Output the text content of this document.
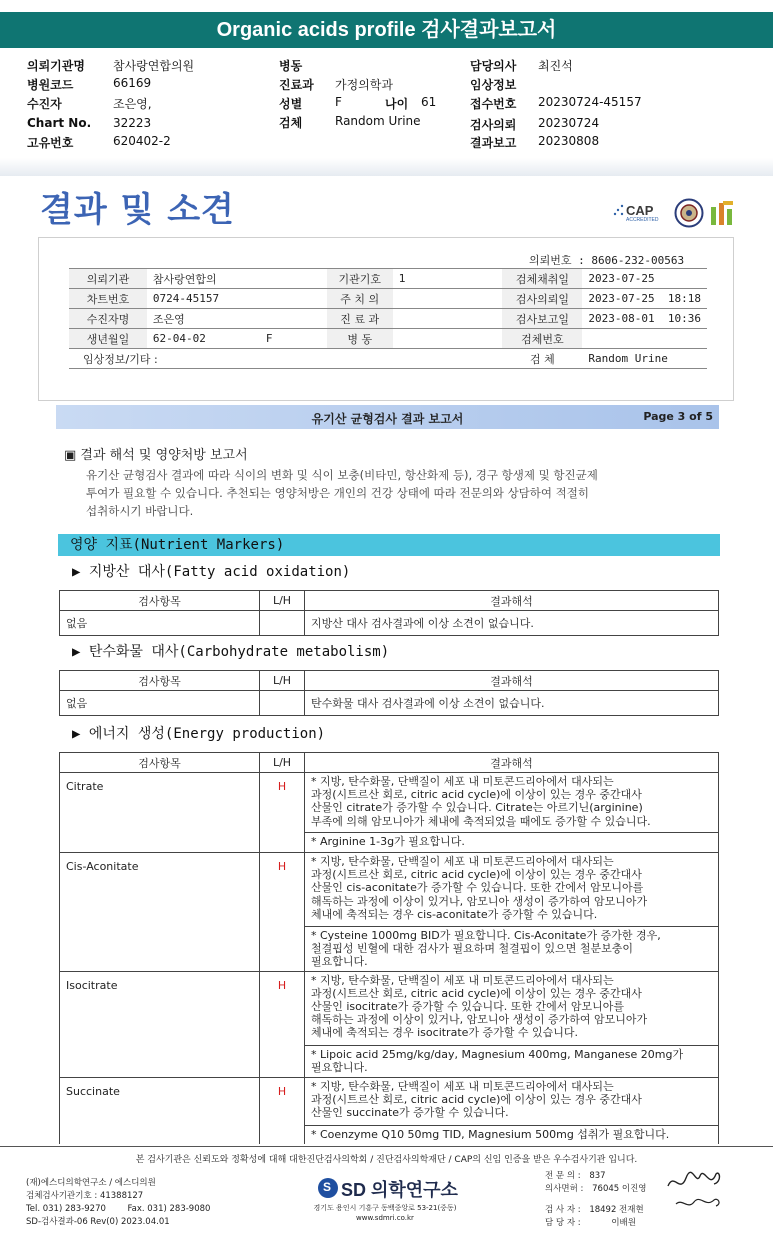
Organic acids profile 검사결과보고서
의뢰기관명 참사랑연합의원
병원코드	66169
수진자	조은영,
Chart No. 32223
고유번호	620402-2
병동
진료과 가정의학과
성별	F	나이 61
검체	Random Urine
담당의사 최진석
임상정보
접수번호 20230724-45157
검사의뢰 20230724
결과보고 20230808
결과 및 소견	CAP
ACCREDITED
의뢰번호 : 8606-232-00563
의뢰기관	참사랑연합의	기관기호	1	검체채취일	2023-07-25
차트번호	0724-45157	주 치 의		검사의뢰일	2023-07-25  18:18
수진자명	조은영	진 료 과		검사보고일	2023-08-01  10:36
생년월일	62-04-02 F	병 동		검체번호	
임상정보/기타 :				검 체	Random Urine
유기산 균형검사 결과 보고서	Page 3 of 5
▣ 결과 해석 및 영양처방 보고서
유기산 균형검사 결과에 따라 식이의 변화 및 식이 보충(비타민, 항산화제 등), 경구 항생제 및 항진균제
투여가 필요할 수 있습니다. 추천되는 영양처방은 개인의 건강 상태에 따라 전문의와 상담하여 적절히
섭취하시기 바랍니다.
영양 지표(Nutrient Markers)
▶ 지방산 대사(Fatty acid oxidation)
검사항목	L/H	결과해석
없음		지방산 대사 검사결과에 이상 소견이 없습니다.
▶ 탄수화물 대사(Carbohydrate metabolism)
검사항목	L/H	결과해석
없음		탄수화물 대사 검사결과에 이상 소견이 없습니다.
▶ 에너지 생성(Energy production)
검사항목	L/H	결과해석
Citrate	H	* 지방, 탄수화물, 단백질이 세포 내 미토콘드리아에서 대사되는
과정(시트르산 회로, citric acid cycle)에 이상이 있는 경우 중간대사
산물인 citrate가 증가할 수 있습니다. Citrate는 아르기닌(arginine)
부족에 의해 암모니아가 체내에 축적되었을 때에도 증가할 수 있습니다.

		* Arginine 1-3g가 필요합니다.
Cis-Aconitate	H	* 지방, 탄수화물, 단백질이 세포 내 미토콘드리아에서 대사되는
과정(시트르산 회로, citric acid cycle)에 이상이 있는 경우 중간대사
산물인 cis-aconitate가 증가할 수 있습니다. 또한 간에서 암모니아를
해독하는 과정에 이상이 있거나, 암모니아 생성이 증가하여 암모니아가
체내에 축적되는 경우 cis-aconitate가 증가할 수 있습니다.

		* Cysteine 1000mg BID가 필요합니다. Cis-Aconitate가 증가한 경우,
철결핍성 빈혈에 대한 검사가 필요하며 철결핍이 있으면 철분보충이
필요합니다.

Isocitrate	H	* 지방, 탄수화물, 단백질이 세포 내 미토콘드리아에서 대사되는
과정(시트르산 회로, citric acid cycle)에 이상이 있는 경우 중간대사
산물인 isocitrate가 증가할 수 있습니다. 또한 간에서 암모니아를
해독하는 과정에 이상이 있거나, 암모니아 생성이 증가하여 암모니아가
체내에 축적되는 경우 isocitrate가 증가할 수 있습니다.

		* Lipoic acid 25mg/kg/day, Magnesium 400mg, Manganese 20mg가
필요합니다.

Succinate	H	* 지방, 탄수화물, 단백질이 세포 내 미토콘드리아에서 대사되는
과정(시트르산 회로, citric acid cycle)에 이상이 있는 경우 중간대사
산물인 succinate가 증가할 수 있습니다.

		* Coenzyme Q10 50mg TID, Magnesium 500mg 섭취가 필요합니다.
본 검사기관은 신뢰도와 정확성에 대해 대한진단검사의학회 / 진단검사의학재단 / CAP의 신임 인증을 받은 우수검사기관 입니다.
(재)에스디의학연구소 / 에스디의원
검체검사기관기호 : 41388127
Tel. 031) 283-9270        Fax. 031) 283-9080
SD-검사결과-06 Rev(0) 2023.04.01
S SD 의학연구소
경기도 용인시 기흥구 동백중앙로 53-21(중동)
www.sdmri.co.kr
전 문 의 : 837
의사면허 : 76045 이진영
검 사 자 : 18492 전재현
담 당 자 :	이배원
